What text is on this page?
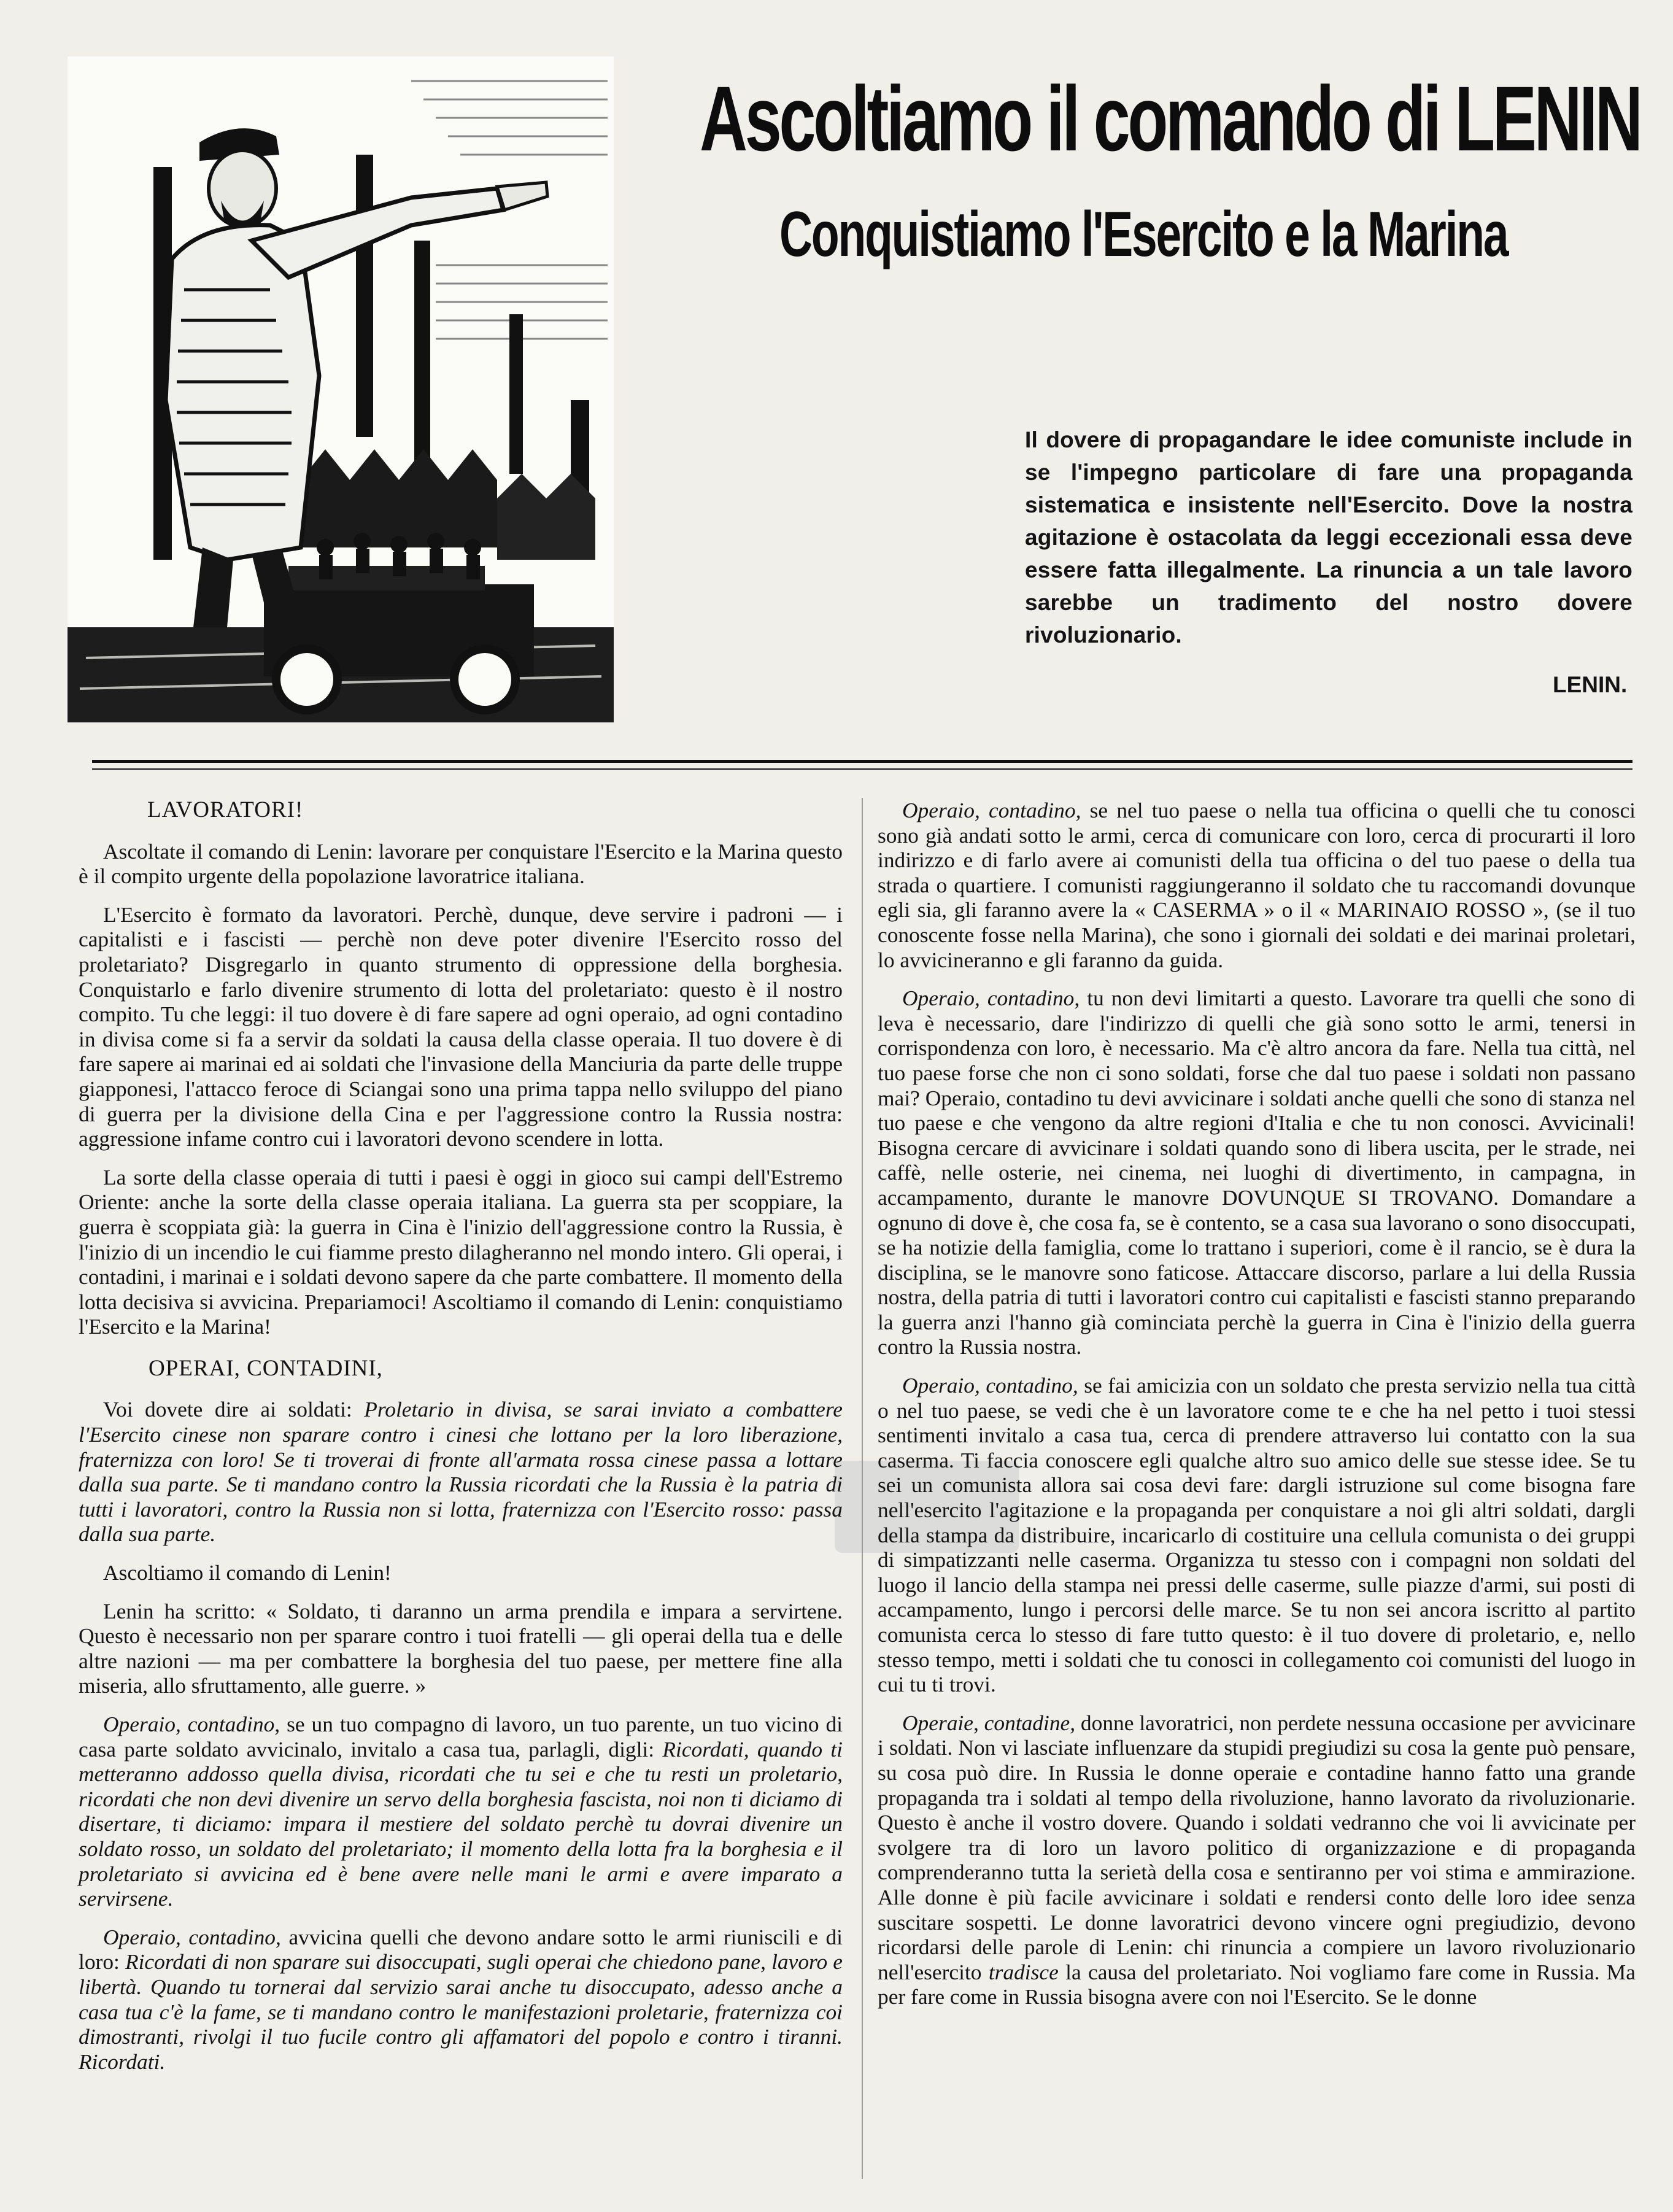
Ascoltiamo il comando di LENIN
Conquistiamo l'Esercito e la Marina
Il dovere di propagandare le idee comuniste include in se l'impegno particolare di fare una propaganda sistematica e insistente nell'Esercito. Dove la nostra agitazione è ostacolata da leggi eccezionali essa deve essere fatta illegalmente. La rinuncia a un tale lavoro sarebbe un tradimento del nostro dovere rivoluzionario.
LENIN.
LAVORATORI!

Ascoltate il comando di Lenin: lavorare per conquistare l'Esercito e la Marina questo è il compito urgente della popolazione lavoratrice italiana.

L'Esercito è formato da lavoratori. Perchè, dunque, deve servire i padroni — i capitalisti e i fascisti — perchè non deve poter divenire l'Esercito rosso del proletariato? Disgregarlo in quanto strumento di oppressione della borghesia. Conquistarlo e farlo divenire strumento di lotta del proletariato: questo è il nostro compito. Tu che leggi: il tuo dovere è di fare sapere ad ogni operaio, ad ogni contadino in divisa come si fa a servir da soldati la causa della classe operaia. Il tuo dovere è di fare sapere ai marinai ed ai soldati che l'invasione della Manciuria da parte delle truppe giapponesi, l'attacco feroce di Sciangai sono una prima tappa nello sviluppo del piano di guerra per la divisione della Cina e per l'aggressione contro la Russia nostra: aggressione infame contro cui i lavoratori devono scendere in lotta.

La sorte della classe operaia di tutti i paesi è oggi in gioco sui campi dell'Estremo Oriente: anche la sorte della classe operaia italiana. La guerra sta per scoppiare, la guerra è scoppiata già: la guerra in Cina è l'inizio dell'aggressione contro la Russia, è l'inizio di un incendio le cui fiamme presto dilagheranno nel mondo intero. Gli operai, i contadini, i marinai e i soldati devono sapere da che parte combattere. Il momento della lotta decisiva si avvicina. Prepariamoci! Ascoltiamo il comando di Lenin: conquistiamo l'Esercito e la Marina!

OPERAI, CONTADINI,

Voi dovete dire ai soldati: Proletario in divisa, se sarai inviato a combattere l'Esercito cinese non sparare contro i cinesi che lottano per la loro liberazione, fraternizza con loro! Se ti troverai di fronte all'armata rossa cinese passa a lottare dalla sua parte. Se ti mandano contro la Russia ricordati che la Russia è la patria di tutti i lavoratori, contro la Russia non si lotta, fraternizza con l'Esercito rosso: passa dalla sua parte.

Ascoltiamo il comando di Lenin!

Lenin ha scritto: « Soldato, ti daranno un arma prendila e impara a servirtene. Questo è necessario non per sparare contro i tuoi fratelli — gli operai della tua e delle altre nazioni — ma per combattere la borghesia del tuo paese, per mettere fine alla miseria, allo sfruttamento, alle guerre. »

Operaio, contadino, se un tuo compagno di lavoro, un tuo parente, un tuo vicino di casa parte soldato avvicinalo, invitalo a casa tua, parlagli, digli: Ricordati, quando ti metteranno addosso quella divisa, ricordati che tu sei e che tu resti un proletario, ricordati che non devi divenire un servo della borghesia fascista, noi non ti diciamo di disertare, ti diciamo: impara il mestiere del soldato perchè tu dovrai divenire un soldato rosso, un soldato del proletariato; il momento della lotta fra la borghesia e il proletariato si avvicina ed è bene avere nelle mani le armi e avere imparato a servirsene.

Operaio, contadino, avvicina quelli che devono andare sotto le armi riuniscili e di loro: Ricordati di non sparare sui disoccupati, sugli operai che chiedono pane, lavoro e libertà. Quando tu tornerai dal servizio sarai anche tu disoccupato, adesso anche a casa tua c'è la fame, se ti mandano contro le manifestazioni proletarie, fraternizza coi dimostranti, rivolgi il tuo fucile contro gli affamatori del popolo e contro i tiranni. Ricordati.

Operaio, contadino, se nel tuo paese o nella tua officina o quelli che tu conosci sono già andati sotto le armi, cerca di comunicare con loro, cerca di procurarti il loro indirizzo e di farlo avere ai comunisti della tua officina o del tuo paese o della tua strada o quartiere. I comunisti raggiungeranno il soldato che tu raccomandi dovunque egli sia, gli faranno avere la « CASERMA » o il « MARINAIO ROSSO », (se il tuo conoscente fosse nella Marina), che sono i giornali dei soldati e dei marinai proletari, lo avvicineranno e gli faranno da guida.

Operaio, contadino, tu non devi limitarti a questo. Lavorare tra quelli che sono di leva è necessario, dare l'indirizzo di quelli che già sono sotto le armi, tenersi in corrispondenza con loro, è necessario. Ma c'è altro ancora da fare. Nella tua città, nel tuo paese forse che non ci sono soldati, forse che dal tuo paese i soldati non passano mai? Operaio, contadino tu devi avvicinare i soldati anche quelli che sono di stanza nel tuo paese e che vengono da altre regioni d'Italia e che tu non conosci. Avvicinali! Bisogna cercare di avvicinare i soldati quando sono di libera uscita, per le strade, nei caffè, nelle osterie, nei cinema, nei luoghi di divertimento, in campagna, in accampamento, durante le manovre DOVUNQUE SI TROVANO. Domandare a ognuno di dove è, che cosa fa, se è contento, se a casa sua lavorano o sono disoccupati, se ha notizie della famiglia, come lo trattano i superiori, come è il rancio, se è dura la disciplina, se le manovre sono faticose. Attaccare discorso, parlare a lui della Russia nostra, della patria di tutti i lavoratori contro cui capitalisti e fascisti stanno preparando la guerra anzi l'hanno già cominciata perchè la guerra in Cina è l'inizio della guerra contro la Russia nostra.

Operaio, contadino, se fai amicizia con un soldato che presta servizio nella tua città o nel tuo paese, se vedi che è un lavoratore come te e che ha nel petto i tuoi stessi sentimenti invitalo a casa tua, cerca di prendere attraverso lui contatto con la sua caserma. Ti faccia conoscere egli qualche altro suo amico delle sue stesse idee. Se tu sei un comunista allora sai cosa devi fare: dargli istruzione sul come bisogna fare nell'esercito l'agitazione e la propaganda per conquistare a noi gli altri soldati, dargli della stampa da distribuire, incaricarlo di costituire una cellula comunista o dei gruppi di simpatizzanti nelle caserma. Organizza tu stesso con i compagni non soldati del luogo il lancio della stampa nei pressi delle caserme, sulle piazze d'armi, sui posti di accampamento, lungo i percorsi delle marce. Se tu non sei ancora iscritto al partito comunista cerca lo stesso di fare tutto questo: è il tuo dovere di proletario, e, nello stesso tempo, metti i soldati che tu conosci in collegamento coi comunisti del luogo in cui tu ti trovi.

Operaie, contadine, donne lavoratrici, non perdete nessuna occasione per avvicinare i soldati. Non vi lasciate influenzare da stupidi pregiudizi su cosa la gente può pensare, su cosa può dire. In Russia le donne operaie e contadine hanno fatto una grande propaganda tra i soldati al tempo della rivoluzione, hanno lavorato da rivoluzionarie. Questo è anche il vostro dovere. Quando i soldati vedranno che voi li avvicinate per svolgere tra di loro un lavoro politico di organizzazione e di propaganda comprenderanno tutta la serietà della cosa e sentiranno per voi stima e ammirazione. Alle donne è più facile avvicinare i soldati e rendersi conto delle loro idee senza suscitare sospetti. Le donne lavoratrici devono vincere ogni pregiudizio, devono ricordarsi delle parole di Lenin: chi rinuncia a compiere un lavoro rivoluzionario nell'esercito tradisce la causa del proletariato. Noi vogliamo fare come in Russia. Ma per fare come in Russia bisogna avere con noi l'Esercito. Se le donne
